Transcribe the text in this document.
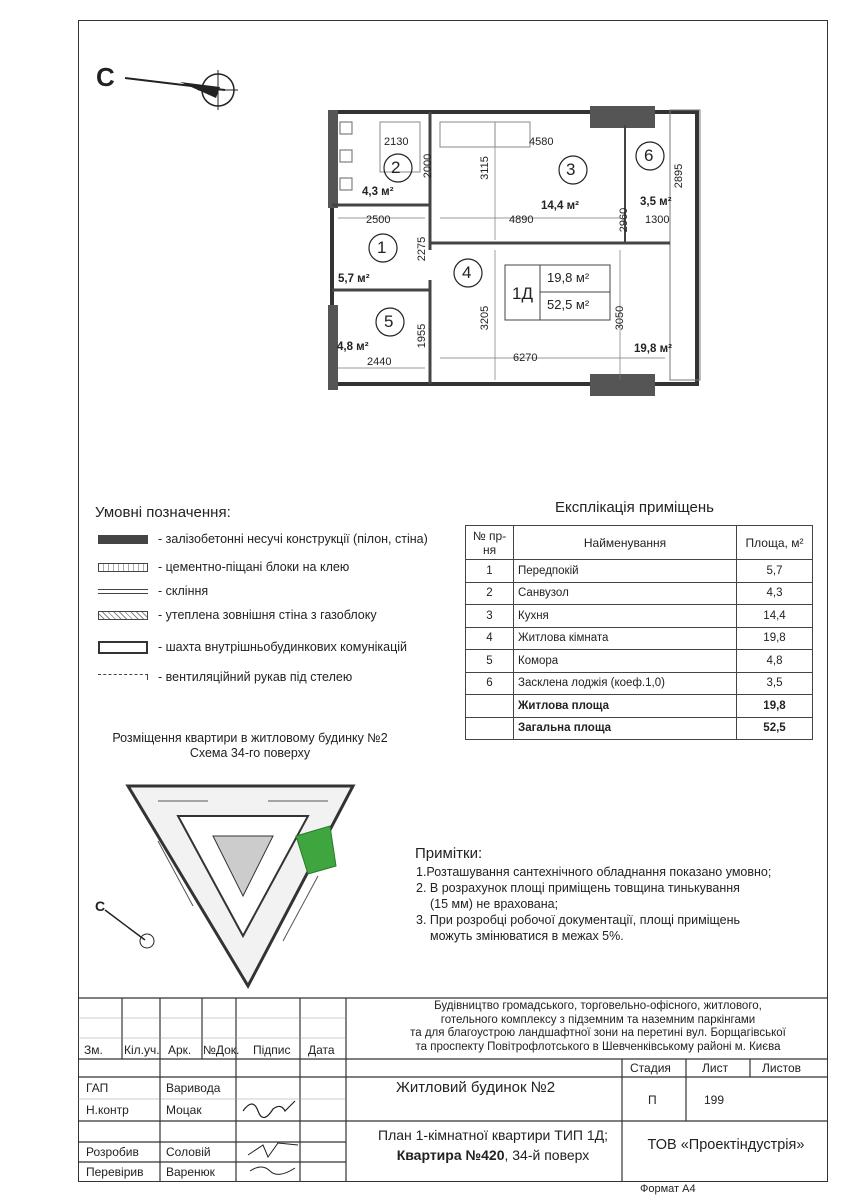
С
2	3
6
1
4
5
4,3 м²
14,4 м²	3,5 м²
5,7 м²
4,8 м²	19,8 м²
2130
2000	3115
4580
2895
2500	4890	2960 1300
2275
3205	3050
1955
2440	6270
1Д
19,8 м²
52,5 м²
Умовні позначення:
- залізобетонні несучі конструкції (пілон, стіна)
- цементно-піщані блоки на клею
- скління
- утеплена зовнішня стіна з газоблоку
- шахта внутрішньобудинкових комунікацій
- вентиляційний рукав під стелею
Експлікація приміщень
№ пр-ня	Найменування	Площа, м²
1	Передпокій	5,7
2	Санвузол	4,3
3	Кухня	14,4
4	Житлова кімната	19,8
5	Комора	4,8
6	Засклена лоджія (коеф.1,0)	3,5
	Житлова площа	19,8
	Загальна площа	52,5
Розміщення квартири в житловому будинку №2
Схема 34-го поверху
С
Примітки:
1.Розташування сантехнічного обладнання показано умовно;
2. В розрахунок площі приміщень товщина тинькування
(15 мм) не врахована;
3. При розробці робочої документації, площі приміщень
можуть змінюватися в межах 5%.
Будівництво громадського, торговельно-офісного, житлового,
готельного комплексу з підземним та наземним паркінгами
та для благоустрою ландшафтної зони на перетині вул. Борщагівської
та проспекту Повітрофлотського в Шевченківському районі м. Києва
Зм. Кіл.уч. Арк. №Док. Підпис Дата
Житловий будинок №2
Стадия	Лист	Листов
П	199
ГАП	Варивода
Н.контр	Моцак
Розробив Соловій
Перевірив Варенюк
План 1-кімнатної квартири ТИП 1Д;
Квартира №420, 34-й поверх
ТОВ «Проектіндустрія»
Формат А4
